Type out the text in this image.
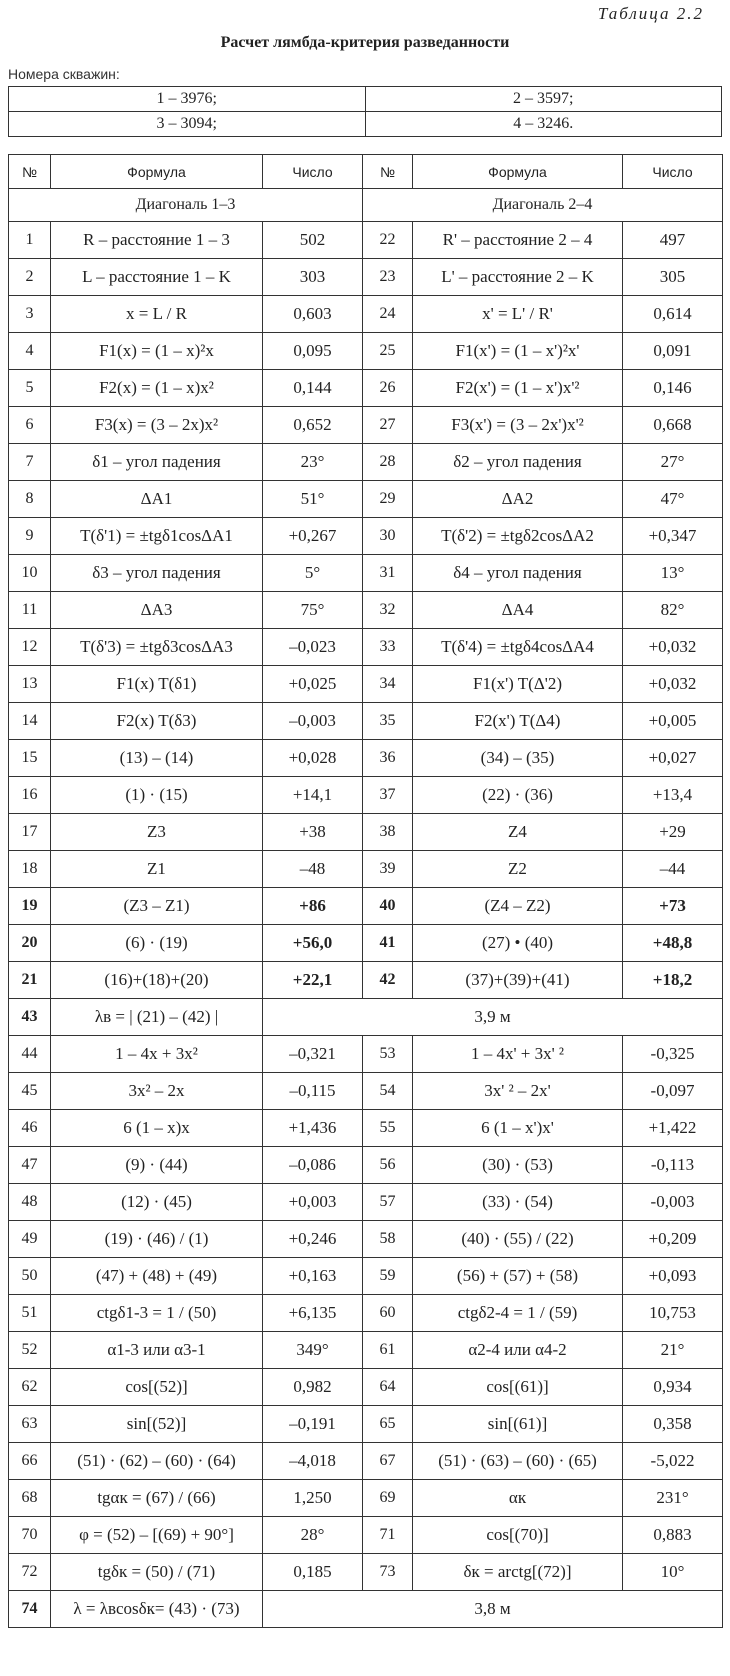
Таблица 2.2
Расчет лямбда-критерия разведанности
Номера скважин:
1 – 3976;	2 – 3597;
3 – 3094;	4 – 3246.
№	Формула	Число	№	Формула	Число
Диагональ 1–3			Диагональ 2–4		
1	R – расстояние 1 – 3	502	22	R' – расстояние 2 – 4	497
2	L – расстояние 1 – K	303	23	L' – расстояние 2 – K	305
3	x = L / R	0,603	24	x' = L' / R'	0,614
4	F1(x) = (1 – x)²x	0,095	25	F1(x') = (1 – x')²x'	0,091
5	F2(x) = (1 – x)x²	0,144	26	F2(x') = (1 – x')x'²	0,146
6	F3(x) = (3 – 2x)x²	0,652	27	F3(x') = (3 – 2x')x'²	0,668
7	δ1 – угол падения	23°	28	δ2 – угол падения	27°
8	ΔA1	51°	29	ΔA2	47°
9	T(δ'1) = ±tgδ1cosΔA1	+0,267	30	T(δ'2) = ±tgδ2cosΔA2	+0,347
10	δ3 – угол падения	5°	31	δ4 – угол падения	13°
11	ΔA3	75°	32	ΔA4	82°
12	T(δ'3) = ±tgδ3cosΔA3	–0,023	33	T(δ'4) = ±tgδ4cosΔA4	+0,032
13	F1(x) T(δ1)	+0,025	34	F1(x') T(Δ'2)	+0,032
14	F2(x) T(δ3)	–0,003	35	F2(x') T(Δ4)	+0,005
15	(13) – (14)	+0,028	36	(34) – (35)	+0,027
16	(1) · (15)	+14,1	37	(22) · (36)	+13,4
17	Z3	+38	38	Z4	+29
18	Z1	–48	39	Z2	–44
19	(Z3 – Z1)	+86	40	(Z4 – Z2)	+73
20	(6) · (19)	+56,0	41	(27) • (40)	+48,8
21	(16)+(18)+(20)	+22,1	42	(37)+(39)+(41)	+18,2
43	λв = | (21) – (42) |	3,9 м			
44	1 – 4x + 3x²	–0,321	53	1 – 4x' + 3x' ²	-0,325
45	3x² – 2x	–0,115	54	3x' ² – 2x'	-0,097
46	6 (1 – x)x	+1,436	55	6 (1 – x')x'	+1,422
47	(9) · (44)	–0,086	56	(30) · (53)	-0,113
48	(12) · (45)	+0,003	57	(33) · (54)	-0,003
49	(19) · (46) / (1)	+0,246	58	(40) · (55) / (22)	+0,209
50	(47) + (48) + (49)	+0,163	59	(56) + (57) + (58)	+0,093
51	ctgδ1-3 = 1 / (50)	+6,135	60	ctgδ2-4 = 1 / (59)	10,753
52	α1-3 или α3-1	349°	61	α2-4 или α4-2	21°
62	cos[(52)]	0,982	64	cos[(61)]	0,934
63	sin[(52)]	–0,191	65	sin[(61)]	0,358
66	(51) · (62) – (60) · (64)	–4,018	67	(51) · (63) – (60) · (65)	-5,022
68	tgαк = (67) / (66)	1,250	69	αк	231°
70	φ = (52) – [(69) + 90°]	28°	71	cos[(70)]	0,883
72	tgδк = (50) / (71)	0,185	73	δк = arctg[(72)]	10°
74	λ = λвcosδк= (43) · (73)	3,8 м			
